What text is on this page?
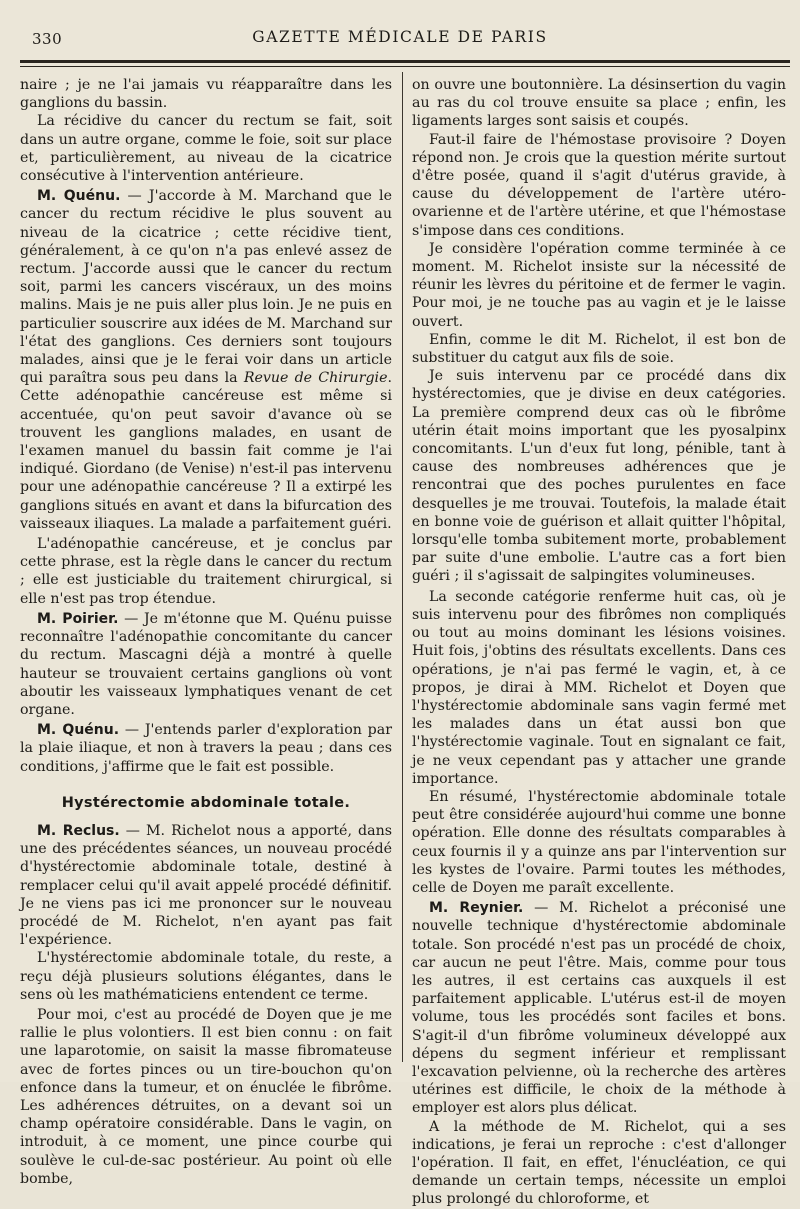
330	GAZETTE MÉDICALE DE PARIS

naire ; je ne l'ai jamais vu réapparaître dans les ganglions du bassin.

La récidive du cancer du rectum se fait, soit dans un autre organe, comme le foie, soit sur place et, particulièrement, au niveau de la cicatrice consécutive à l'intervention antérieure.

M. Quénu. — J'accorde à M. Marchand que le cancer du rectum récidive le plus souvent au niveau de la cicatrice ; cette récidive tient, généralement, à ce qu'on n'a pas enlevé assez de rectum. J'accorde aussi que le cancer du rectum soit, parmi les cancers viscéraux, un des moins malins. Mais je ne puis aller plus loin. Je ne puis en particulier souscrire aux idées de M. Marchand sur l'état des ganglions. Ces derniers sont toujours malades, ainsi que je le ferai voir dans un article qui paraîtra sous peu dans la Revue de Chirurgie. Cette adénopathie cancéreuse est même si accentuée, qu'on peut savoir d'avance où se trouvent les ganglions malades, en usant de l'examen manuel du bassin fait comme je l'ai indiqué. Giordano (de Venise) n'est-il pas intervenu pour une adénopathie cancéreuse ? Il a extirpé les ganglions situés en avant et dans la bifurcation des vaisseaux iliaques. La malade a parfaitement guéri.

L'adénopathie cancéreuse, et je conclus par cette phrase, est la règle dans le cancer du rectum ; elle est justiciable du traitement chirurgical, si elle n'est pas trop étendue.

M. Poirier. — Je m'étonne que M. Quénu puisse reconnaître l'adénopathie concomitante du cancer du rectum. Mascagni déjà a montré à quelle hauteur se trouvaient certains ganglions où vont aboutir les vaisseaux lymphatiques venant de cet organe.

M. Quénu. — J'entends parler d'exploration par la plaie iliaque, et non à travers la peau ; dans ces conditions, j'affirme que le fait est possible.

Hystérectomie abdominale totale.

M. Reclus. — M. Richelot nous a apporté, dans une des précédentes séances, un nouveau procédé d'hystérectomie abdominale totale, destiné à remplacer celui qu'il avait appelé procédé définitif. Je ne viens pas ici me prononcer sur le nouveau procédé de M. Richelot, n'en ayant pas fait l'expérience.

L'hystérectomie abdominale totale, du reste, a reçu déjà plusieurs solutions élégantes, dans le sens où les mathématiciens entendent ce terme.

Pour moi, c'est au procédé de Doyen que je me rallie le plus volontiers. Il est bien connu : on fait une laparotomie, on saisit la masse fibromateuse avec de fortes pinces ou un tire-bouchon qu'on enfonce dans la tumeur, et on énuclée le fibrôme. Les adhérences détruites, on a devant soi un champ opératoire considérable. Dans le vagin, on introduit, à ce moment, une pince courbe qui soulève le cul-de-sac postérieur. Au point où elle bombe,

on ouvre une boutonnière. La désinsertion du vagin au ras du col trouve ensuite sa place ; enfin, les ligaments larges sont saisis et coupés.

Faut-il faire de l'hémostase provisoire ? Doyen répond non. Je crois que la question mérite surtout d'être posée, quand il s'agit d'utérus gravide, à cause du développement de l'artère utéro-ovarienne et de l'artère utérine, et que l'hémostase s'impose dans ces conditions.

Je considère l'opération comme terminée à ce moment. M. Richelot insiste sur la nécessité de réunir les lèvres du péritoine et de fermer le vagin. Pour moi, je ne touche pas au vagin et je le laisse ouvert.

Enfin, comme le dit M. Richelot, il est bon de substituer du catgut aux fils de soie.

Je suis intervenu par ce procédé dans dix hystérectomies, que je divise en deux catégories. La première comprend deux cas où le fibrôme utérin était moins important que les pyosalpinx concomitants. L'un d'eux fut long, pénible, tant à cause des nombreuses adhérences que je rencontrai que des poches purulentes en face desquelles je me trouvai. Toutefois, la malade était en bonne voie de guérison et allait quitter l'hôpital, lorsqu'elle tomba subitement morte, probablement par suite d'une embolie. L'autre cas a fort bien guéri ; il s'agissait de salpingites volumineuses.

La seconde catégorie renferme huit cas, où je suis intervenu pour des fibrômes non compliqués ou tout au moins dominant les lésions voisines. Huit fois, j'obtins des résultats excellents. Dans ces opérations, je n'ai pas fermé le vagin, et, à ce propos, je dirai à MM. Richelot et Doyen que l'hystérectomie abdominale sans vagin fermé met les malades dans un état aussi bon que l'hystérectomie vaginale. Tout en signalant ce fait, je ne veux cependant pas y attacher une grande importance.

En résumé, l'hystérectomie abdominale totale peut être considérée aujourd'hui comme une bonne opération. Elle donne des résultats comparables à ceux fournis il y a quinze ans par l'intervention sur les kystes de l'ovaire. Parmi toutes les méthodes, celle de Doyen me paraît excellente.

M. Reynier. — M. Richelot a préconisé une nouvelle technique d'hystérectomie abdominale totale. Son procédé n'est pas un procédé de choix, car aucun ne peut l'être. Mais, comme pour tous les autres, il est certains cas auxquels il est parfaitement applicable. L'utérus est-il de moyen volume, tous les procédés sont faciles et bons. S'agit-il d'un fibrôme volumineux développé aux dépens du segment inférieur et remplissant l'excavation pelvienne, où la recherche des artères utérines est difficile, le choix de la méthode à employer est alors plus délicat.

A la méthode de M. Richelot, qui a ses indications, je ferai un reproche : c'est d'allonger l'opération. Il fait, en effet, l'énucléation, ce qui demande un certain temps, nécessite un emploi plus prolongé du chloroforme, et
